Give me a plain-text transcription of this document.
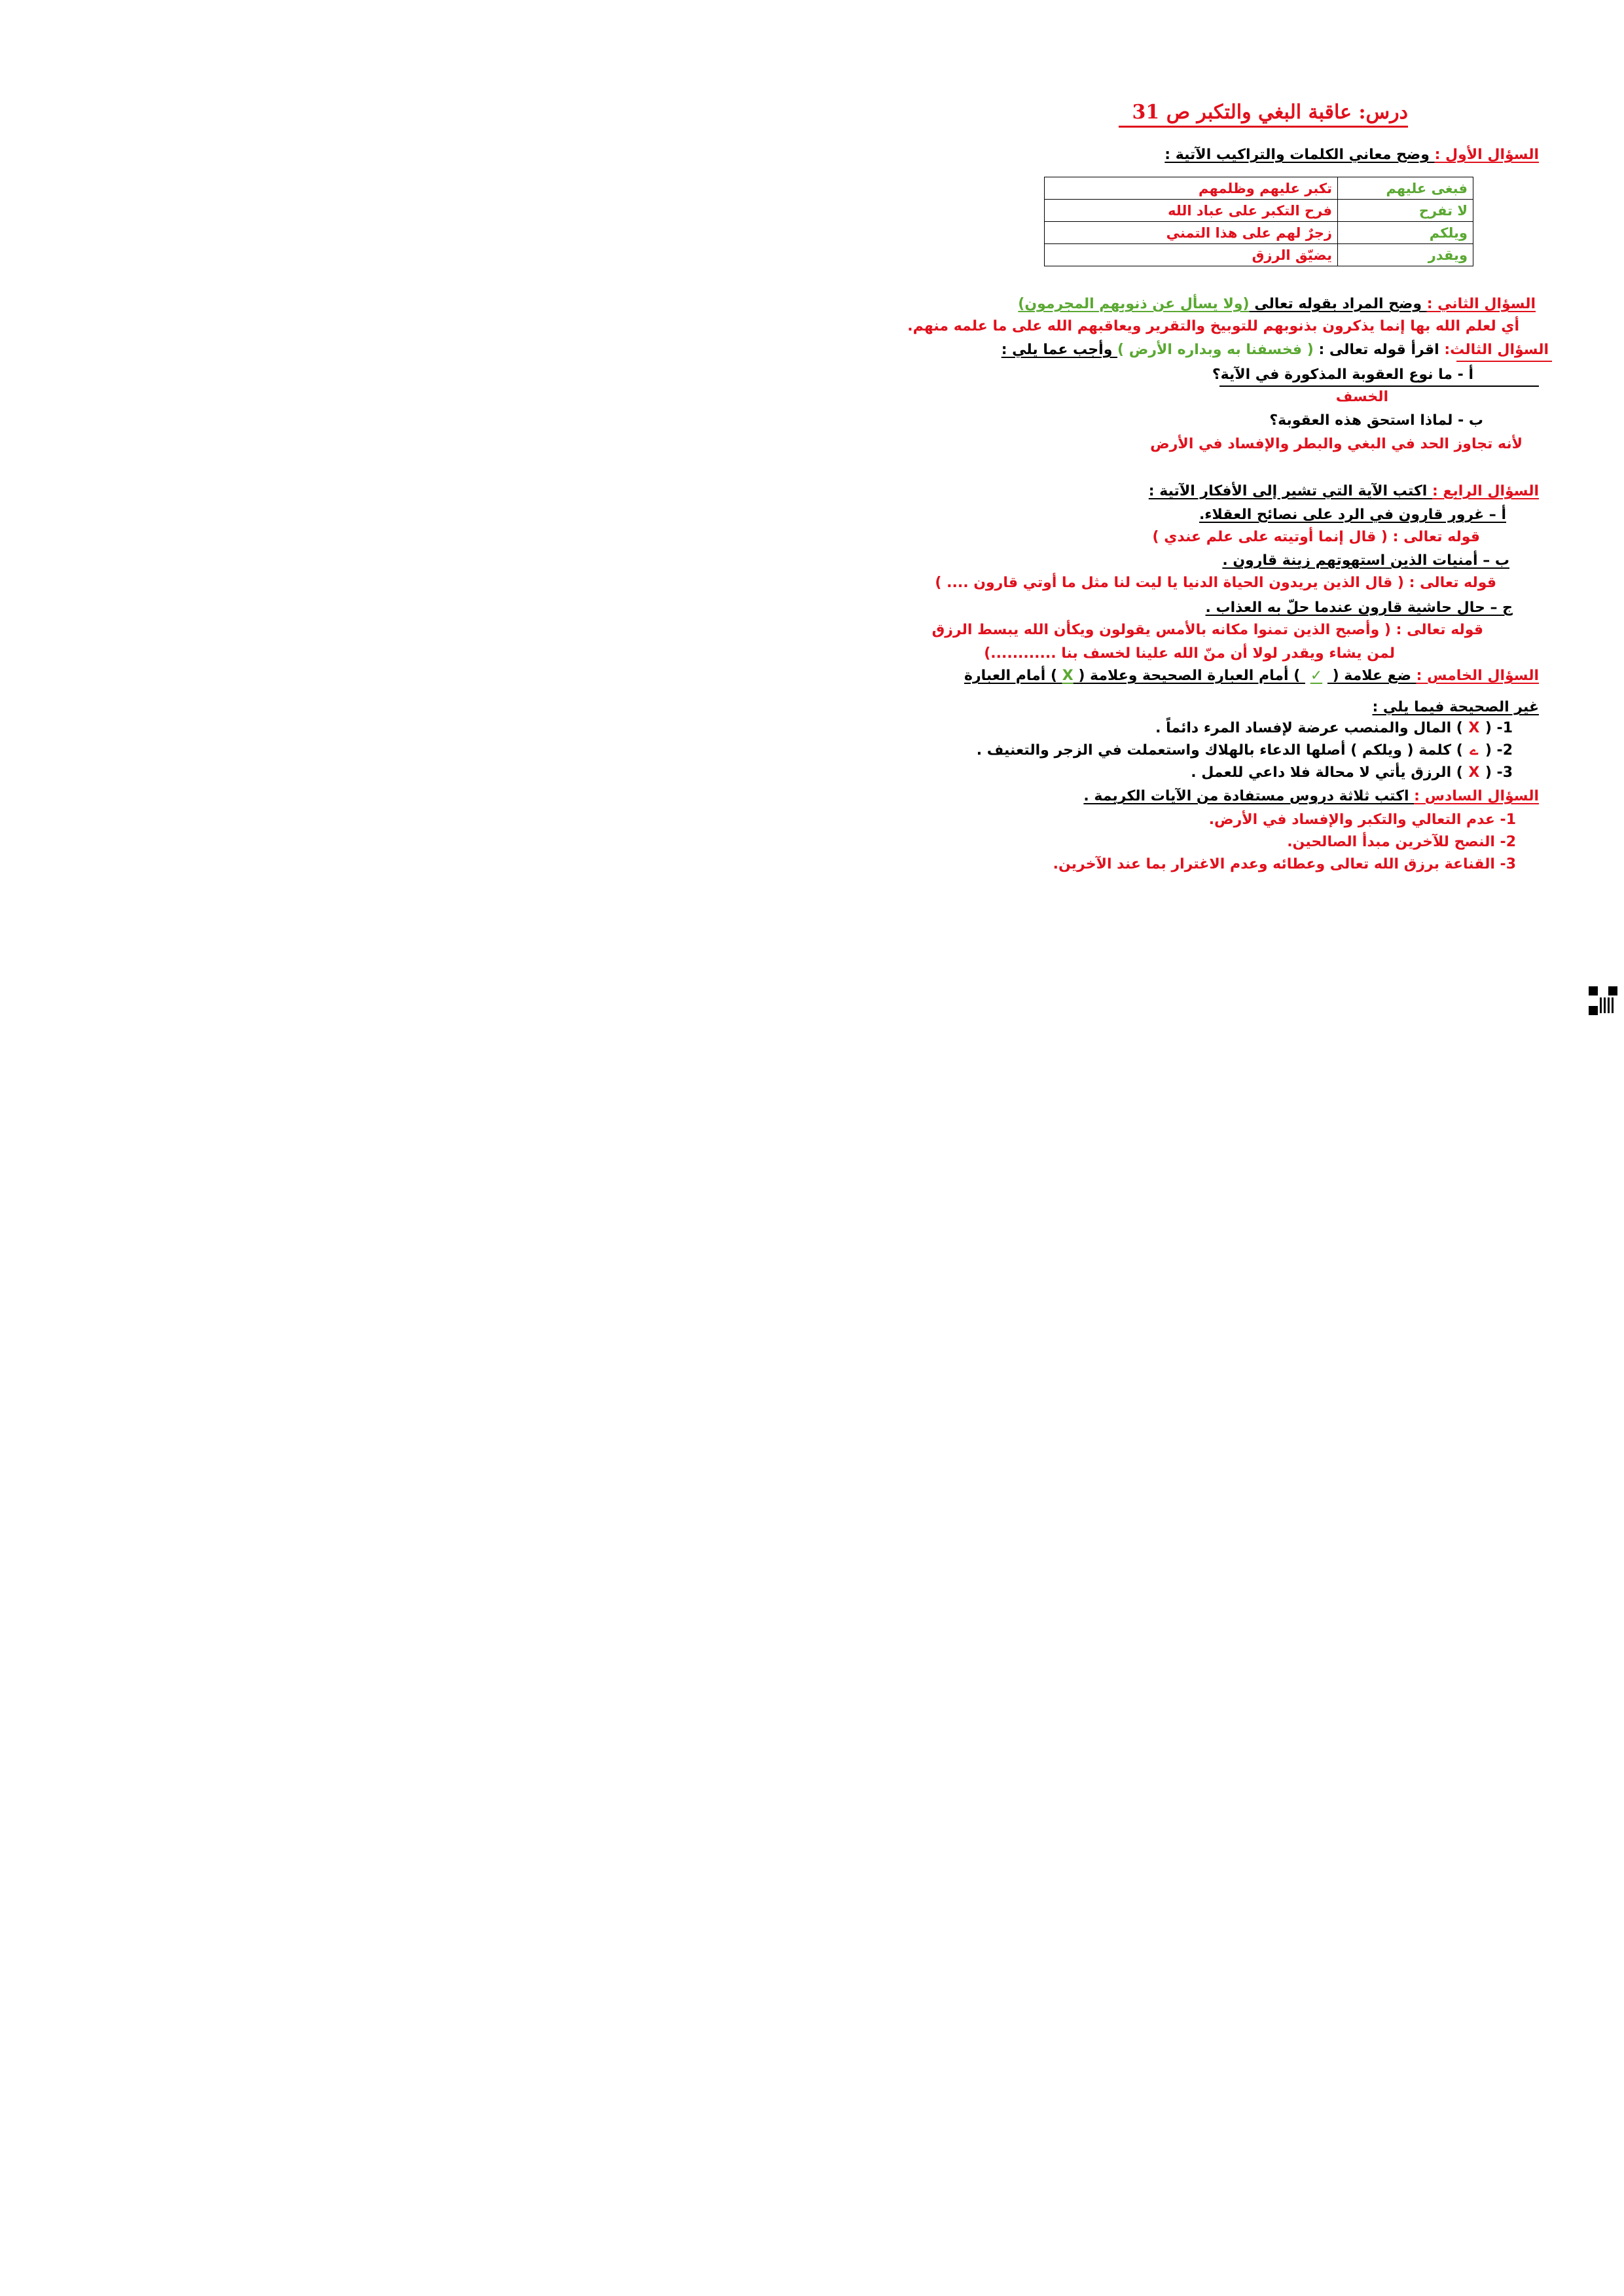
درس: عاقبة البغي والتكبر ص 31
السؤال الأول : وضح معاني الكلمات والتراكيب الآتية :
فبغى عليهم	تكبر عليهم وظلمهم
لا تفرح	فرح التكبر على عباد الله
ويلكم	زجرٌ لهم على هذا التمني
ويقدر	يضيّق الرزق
السؤال الثاني : وضح المراد بقوله تعالى (ولا يسأل عن ذنوبهم المجرمون)
أي لعلم الله بها إنما يذكرون بذنوبهم للتوبيخ والتقرير ويعاقبهم الله على ما علمه منهم.
السؤال الثالث: اقرأ قوله تعالى : ( فخسفنا به وبداره الأرض ) وأجب عما يلي :
أ - ما نوع العقوبة المذكورة في الآية؟
الخسف
ب - لماذا استحق هذه العقوبة؟
لأنه تجاوز الحد في البغي والبطر والإفساد في الأرض
السؤال الرابع : اكتب الآية التي تشير إلى الأفكار الآتية :
أ – غرور قارون في الرد على نصائح العقلاء.
قوله تعالى : ( قال إنما أوتيته على علم عندي )
ب – أمنيات الذين استهوتهم زينة قارون .
قوله تعالى : ( قال الذين يريدون الحياة الدنيا يا ليت لنا مثل ما أوتي قارون .... )
ج – حال حاشية قارون عندما حلّ به العذاب .
قوله تعالى : ( وأصبح الذين تمنوا مكانه بالأمس يقولون ويكأن الله يبسط الرزق
لمن يشاء ويقدر لولا أن منّ الله علينا لخسف بنا ............)
السؤال الخامس : ضع علامة ( ✓ ) أمام العبارة الصحيحة وعلامة ( X ) أمام العبارة
غير الصحيحة فيما يلي :
1- (X) المال والمنصب عرضة لإفساد المرء دائماً .
2- (ے) كلمة ( ويلكم ) أصلها الدعاء بالهلاك واستعملت في الزجر والتعنيف .
3- (X) الرزق يأتي لا محالة فلا داعي للعمل .
السؤال السادس : اكتب ثلاثة دروس مستفادة من الآيات الكريمة .
1- عدم التعالي والتكبر والإفساد في الأرض.
2- النصح للآخرين مبدأ الصالحين.
3- القناعة برزق الله تعالى وعطائه وعدم الاغترار بما عند الآخرين.
